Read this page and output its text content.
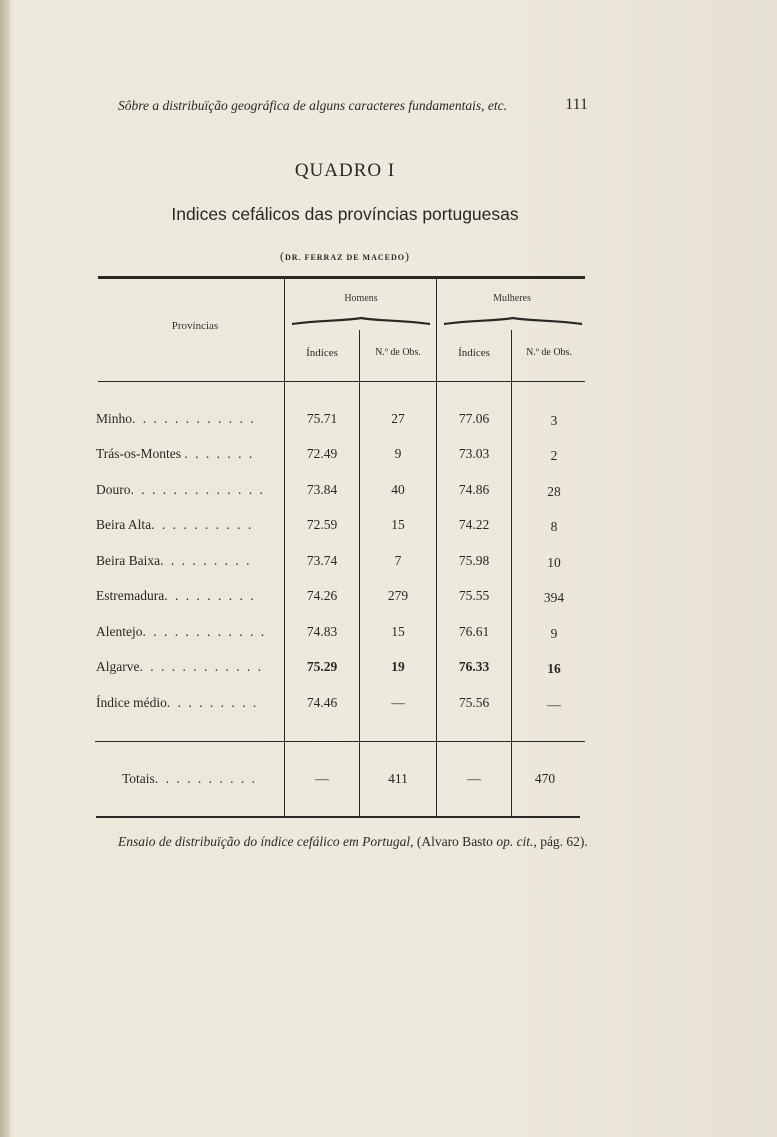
Sôbre a distribuïção geográfica de alguns caracteres fundamentais, etc.	111
QUADRO I
Indices cefálicos das províncias portuguesas
(DR. FERRAZ DE MACEDO)
Províncias
Homens	Mulheres
Índices	N.º de Obs.	Índices	N.º de Obs.
Minho. . . . . . . . . . . .	75.71	27	77.06	3
Trás-os-Montes . . . . . . .	72.49	9	73.03	2
Douro. . . . . . . . . . . . .	73.84	40	74.86	28
Beira Alta. . . . . . . . . .	72.59	15	74.22	8
Beira Baixa. . . . . . . . .	73.74	7	75.98	10
Estremadura. . . . . . . . .	74.26	279	75.55	394
Alentejo. . . . . . . . . . . .	74.83	15	76.61	9
Algarve. . . . . . . . . . . .	75.29	19	76.33	16
Índice médio. . . . . . . . .	74.46	—	75.56	—
Totais. . . . . . . . . .	—	411	—	470
Ensaio de distribuïção do índice cefálico em Portugal, (Alvaro Basto op. cit., pág. 62).
